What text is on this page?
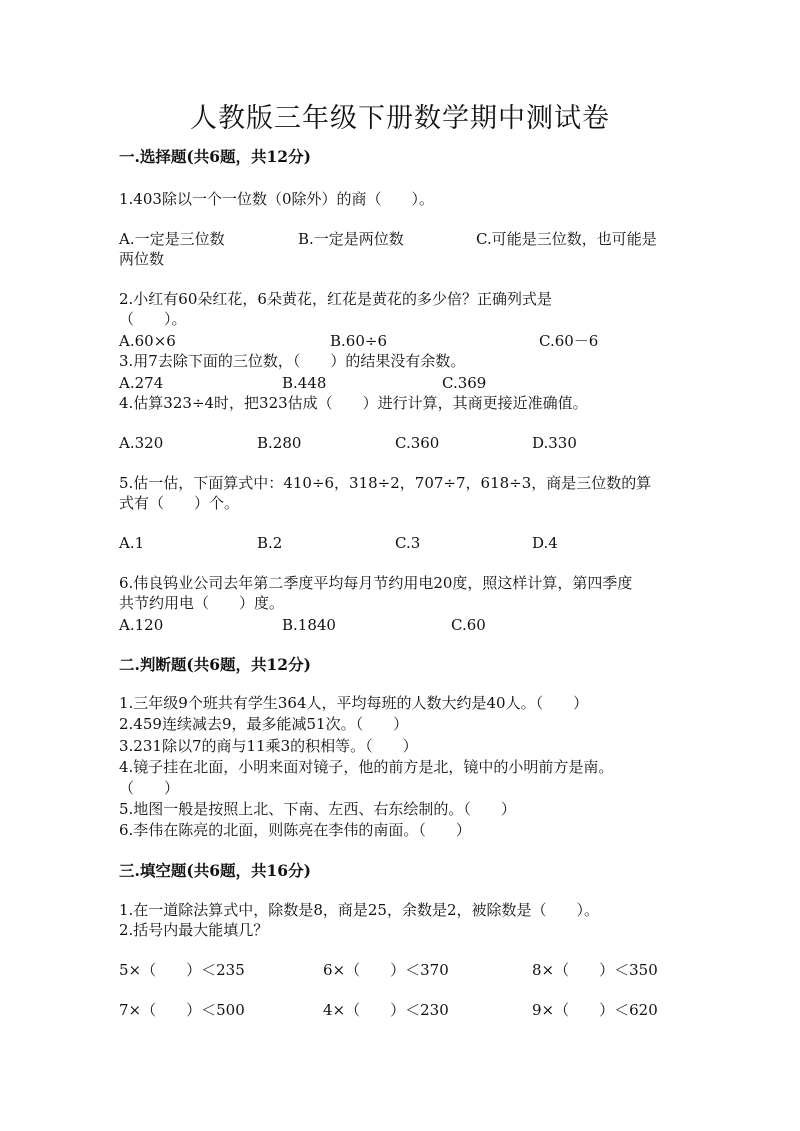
人教版三年级下册数学期中测试卷
一.选择题(共6题，共12分)
1.403除以一个一位数（0除外）的商（　　）。
A.一定是三位数	B.一定是两位数	C.可能是三位数，也可能是
两位数
2.小红有60朵红花，6朵黄花，红花是黄花的多少倍？正确列式是
（　　）。
A.60×6	B.60÷6	C.60－6
3.用7去除下面的三位数，（　　）的结果没有余数。
A.274	B.448	C.369
4.估算323÷4时，把323估成（　　）进行计算，其商更接近准确值。
A.320	B.280	C.360	D.330
5.估一估，下面算式中：410÷6，318÷2，707÷7，618÷3，商是三位数的算
式有（　　）个。
A.1	B.2	C.3	D.4
6.伟良钨业公司去年第二季度平均每月节约用电20度，照这样计算，第四季度
共节约用电（　　）度。
A.120	B.1840	C.60
二.判断题(共6题，共12分)
1.三年级9个班共有学生364人，平均每班的人数大约是40人。（　　）
2.459连续减去9，最多能减51次。（　　）
3.231除以7的商与11乘3的积相等。（　　）
4.镜子挂在北面，小明来面对镜子，他的前方是北，镜中的小明前方是南。
（　　）
5.地图一般是按照上北、下南、左西、右东绘制的。（　　）
6.李伟在陈亮的北面，则陈亮在李伟的南面。（　　）
三.填空题(共6题，共16分)
1.在一道除法算式中，除数是8，商是25，余数是2，被除数是（　　）。
2.括号内最大能填几？
5×（　　）＜235	6×（　　）＜370	8×（　　）＜350
7×（　　）＜500	4×（　　）＜230	9×（　　）＜620
